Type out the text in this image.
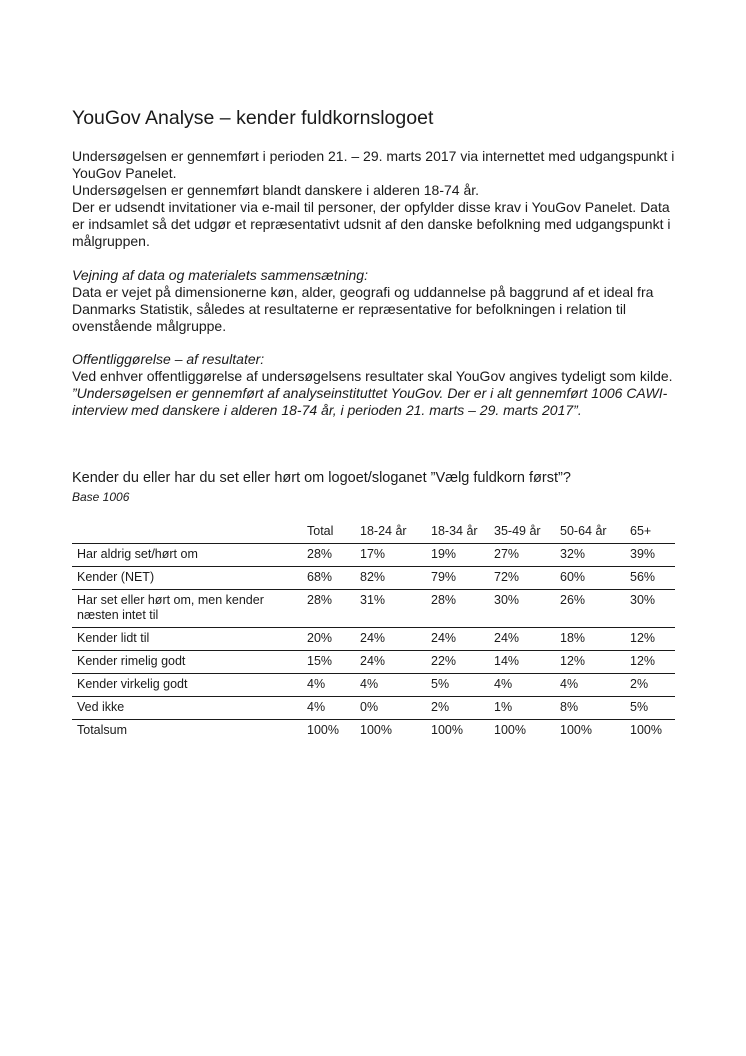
YouGov Analyse – kender fuldkornslogoet

Undersøgelsen er gennemført i perioden 21. – 29. marts 2017 via internettet med udgangspunkt i YouGov Panelet.

Undersøgelsen er gennemført blandt danskere i alderen 18-74 år.

Der er udsendt invitationer via e-mail til personer, der opfylder disse krav i YouGov Panelet. Data er indsamlet så det udgør et repræsentativt udsnit af den danske befolkning med udgangspunkt i målgruppen.

Vejning af data og materialets sammensætning:

Data er vejet på dimensionerne køn, alder, geografi og uddannelse på baggrund af et ideal fra Danmarks Statistik, således at resultaterne er repræsentative for befolkningen i relation til ovenstående målgruppe.

Offentliggørelse – af resultater:

Ved enhver offentliggørelse af undersøgelsens resultater skal YouGov angives tydeligt som kilde.

”Undersøgelsen er gennemført af analyseinstituttet YouGov. Der er i alt gennemført 1006 CAWI-interview med danskere i alderen 18-74 år, i perioden 21. marts – 29. marts 2017”.

Kender du eller har du set eller hørt om logoet/sloganet ”Vælg fuldkorn først”?

Base 1006

	Total	18-24 år	18-34 år	35-49 år	50-64 år	65+
Har aldrig set/hørt om	28%	17%	19%	27%	32%	39%
Kender (NET)	68%	82%	79%	72%	60%	56%
Har set eller hørt om, men kender næsten intet til	28%	31%	28%	30%	26%	30%
Kender lidt til	20%	24%	24%	24%	18%	12%
Kender rimelig godt	15%	24%	22%	14%	12%	12%
Kender virkelig godt	4%	4%	5%	4%	4%	2%
Ved ikke	4%	0%	2%	1%	8%	5%
Totalsum	100%	100%	100%	100%	100%	100%
